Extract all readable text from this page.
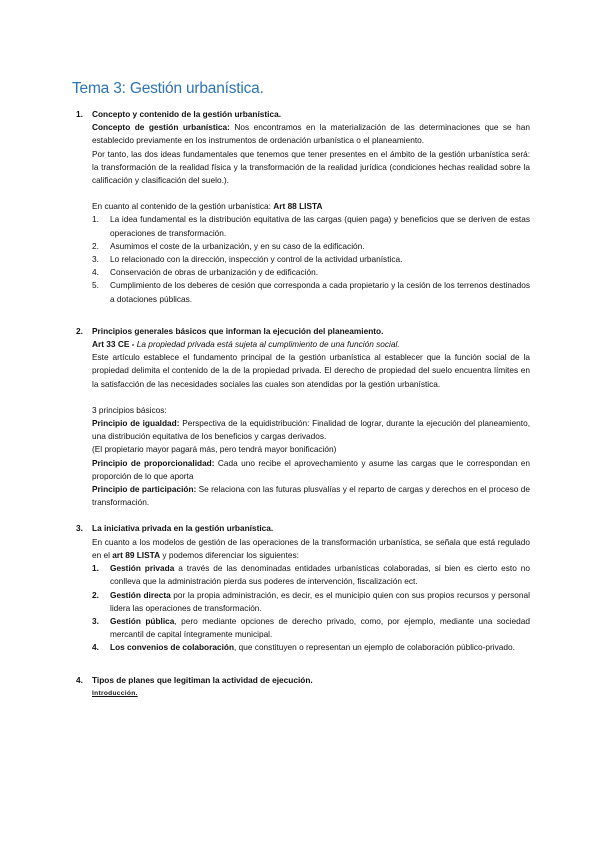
Tema 3: Gestión urbanística.
1. Concepto y contenido de la gestión urbanística.
Concepto de gestión urbanística: Nos encontramos en la materialización de las determinaciones que se han establecido previamente en los instrumentos de ordenación urbanística o el planeamiento.
Por tanto, las dos ideas fundamentales que tenemos que tener presentes en el ámbito de la gestión urbanística será: la transformación de la realidad física y la transformación de la realidad jurídica (condiciones hechas realidad sobre la calificación y clasificación del suelo.).
En cuanto al contenido de la gestión urbanística: Art 88 LISTA
1. La idea fundamental es la distribución equitativa de las cargas (quien paga) y beneficios que se deriven de estas operaciones de transformación.
2. Asumimos el coste de la urbanización, y en su caso de la edificación.
3. Lo relacionado con la dirección, inspección y control de la actividad urbanística.
4. Conservación de obras de urbanización y de edificación.
5. Cumplimiento de los deberes de cesión que corresponda a cada propietario y la cesión de los terrenos destinados a dotaciones públicas.
2. Principios generales básicos que informan la ejecución del planeamiento.
Art 33 CE - La propiedad privada está sujeta al cumplimiento de una función social.
Este artículo establece el fundamento principal de la gestión urbanística al establecer que la función social de la propiedad delimita el contenido de la de la propiedad privada. El derecho de propiedad del suelo encuentra límites en la satisfacción de las necesidades sociales las cuales son atendidas por la gestión urbanística.
3 principios básicos:
Principio de igualdad: Perspectiva de la equidistribución: Finalidad de lograr, durante la ejecución del planeamiento, una distribución equitativa de los beneficios y cargas derivados.
(El propietario mayor pagará más, pero tendrá mayor bonificación)
Principio de proporcionalidad: Cada uno recibe el aprovechamiento y asume las cargas que le correspondan en proporción de lo que aporta
Principio de participación: Se relaciona con las futuras plusvalías y el reparto de cargas y derechos en el proceso de transformación.
3. La iniciativa privada en la gestión urbanística.
En cuanto a los modelos de gestión de las operaciones de la transformación urbanística, se señala que está regulado en el art 89 LISTA y podemos diferenciar los siguientes:
1. Gestión privada a través de las denominadas entidades urbanísticas colaboradas, si bien es cierto esto no conlleva que la administración pierda sus poderes de intervención, fiscalización ect.
2. Gestión directa por la propia administración, es decir, es el municipio quien con sus propios recursos y personal lidera las operaciones de transformación.
3. Gestión pública, pero mediante opciones de derecho privado, como, por ejemplo, mediante una sociedad mercantil de capital íntegramente municipal.
4. Los convenios de colaboración, que constituyen o representan un ejemplo de colaboración público-privado.
4. Tipos de planes que legitiman la actividad de ejecución.
Introducción.
